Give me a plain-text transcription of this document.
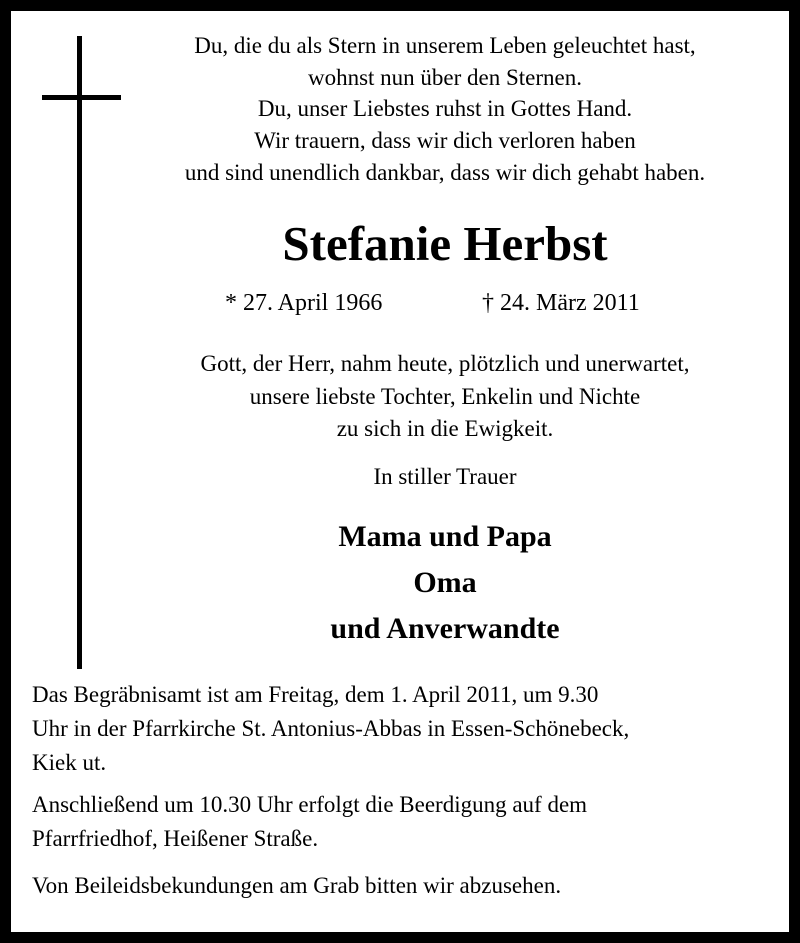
Du, die du als Stern in unserem Leben geleuchtet hast,
wohnst nun über den Sternen.
Du, unser Liebstes ruhst in Gottes Hand.
Wir trauern, dass wir dich verloren haben
und sind unendlich dankbar, dass wir dich gehabt haben.
Stefanie Herbst
* 27. April 1966	† 24. März 2011
Gott, der Herr, nahm heute, plötzlich und unerwartet,
unsere liebste Tochter, Enkelin und Nichte
zu sich in die Ewigkeit.
In stiller Trauer
Mama und Papa
Oma
und Anverwandte
Das Begräbnisamt ist am Freitag, dem 1. April 2011, um 9.30
Uhr in der Pfarrkirche St. Antonius-Abbas in Essen-Schönebeck,
Kiek ut.
Anschließend um 10.30 Uhr erfolgt die Beerdigung auf dem
Pfarrfriedhof, Heißener Straße.
Von Beileidsbekundungen am Grab bitten wir abzusehen.
